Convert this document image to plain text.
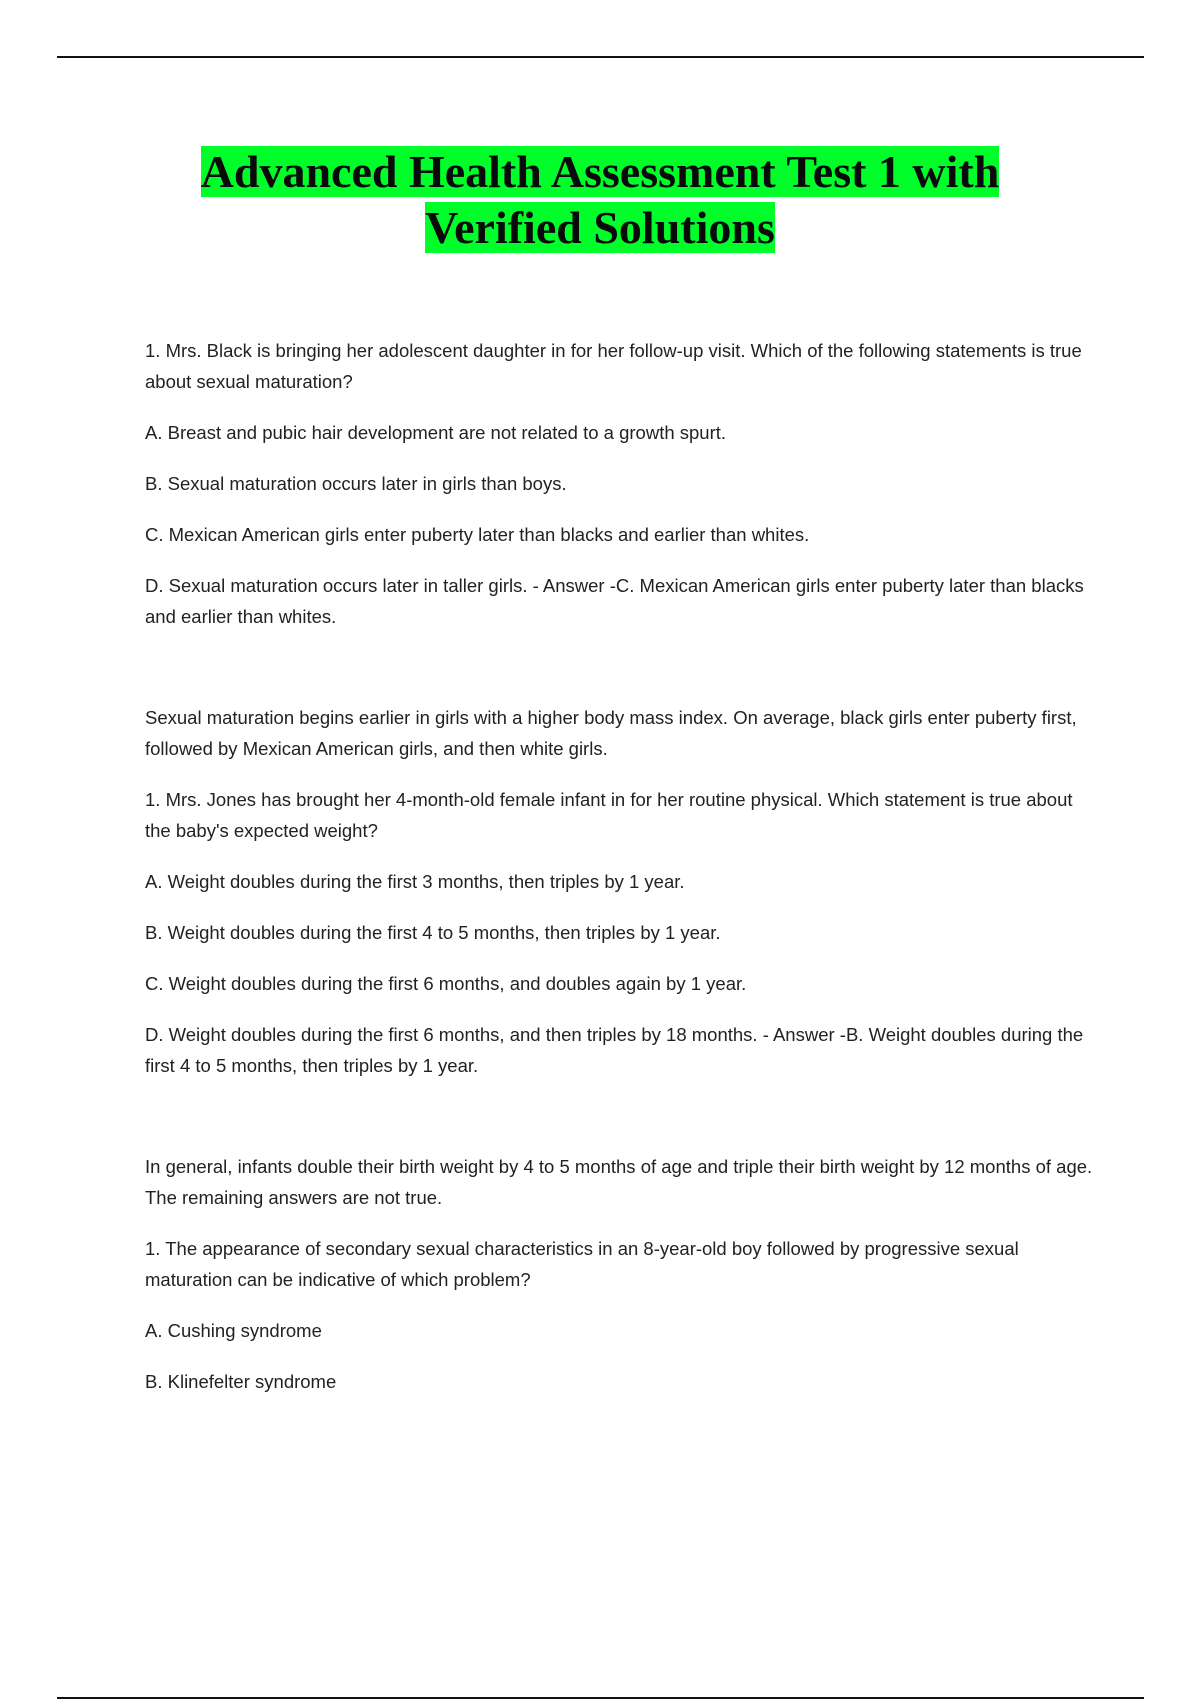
Advanced Health Assessment Test 1 with
Verified Solutions

1. Mrs. Black is bringing her adolescent daughter in for her follow-up visit. Which of the following statements is true about sexual maturation?

A. Breast and pubic hair development are not related to a growth spurt.

B. Sexual maturation occurs later in girls than boys.

C. Mexican American girls enter puberty later than blacks and earlier than whites.

D. Sexual maturation occurs later in taller girls. - Answer -C. Mexican American girls enter puberty later than blacks and earlier than whites.

Sexual maturation begins earlier in girls with a higher body mass index. On average, black girls enter puberty first, followed by Mexican American girls, and then white girls.

1. Mrs. Jones has brought her 4-month-old female infant in for her routine physical. Which statement is true about the baby's expected weight?

A. Weight doubles during the first 3 months, then triples by 1 year.

B. Weight doubles during the first 4 to 5 months, then triples by 1 year.

C. Weight doubles during the first 6 months, and doubles again by 1 year.

D. Weight doubles during the first 6 months, and then triples by 18 months. - Answer -B. Weight doubles during the first 4 to 5 months, then triples by 1 year.

In general, infants double their birth weight by 4 to 5 months of age and triple their birth weight by 12 months of age. The remaining answers are not true.

1. The appearance of secondary sexual characteristics in an 8-year-old boy followed by progressive sexual maturation can be indicative of which problem?

A. Cushing syndrome

B. Klinefelter syndrome
